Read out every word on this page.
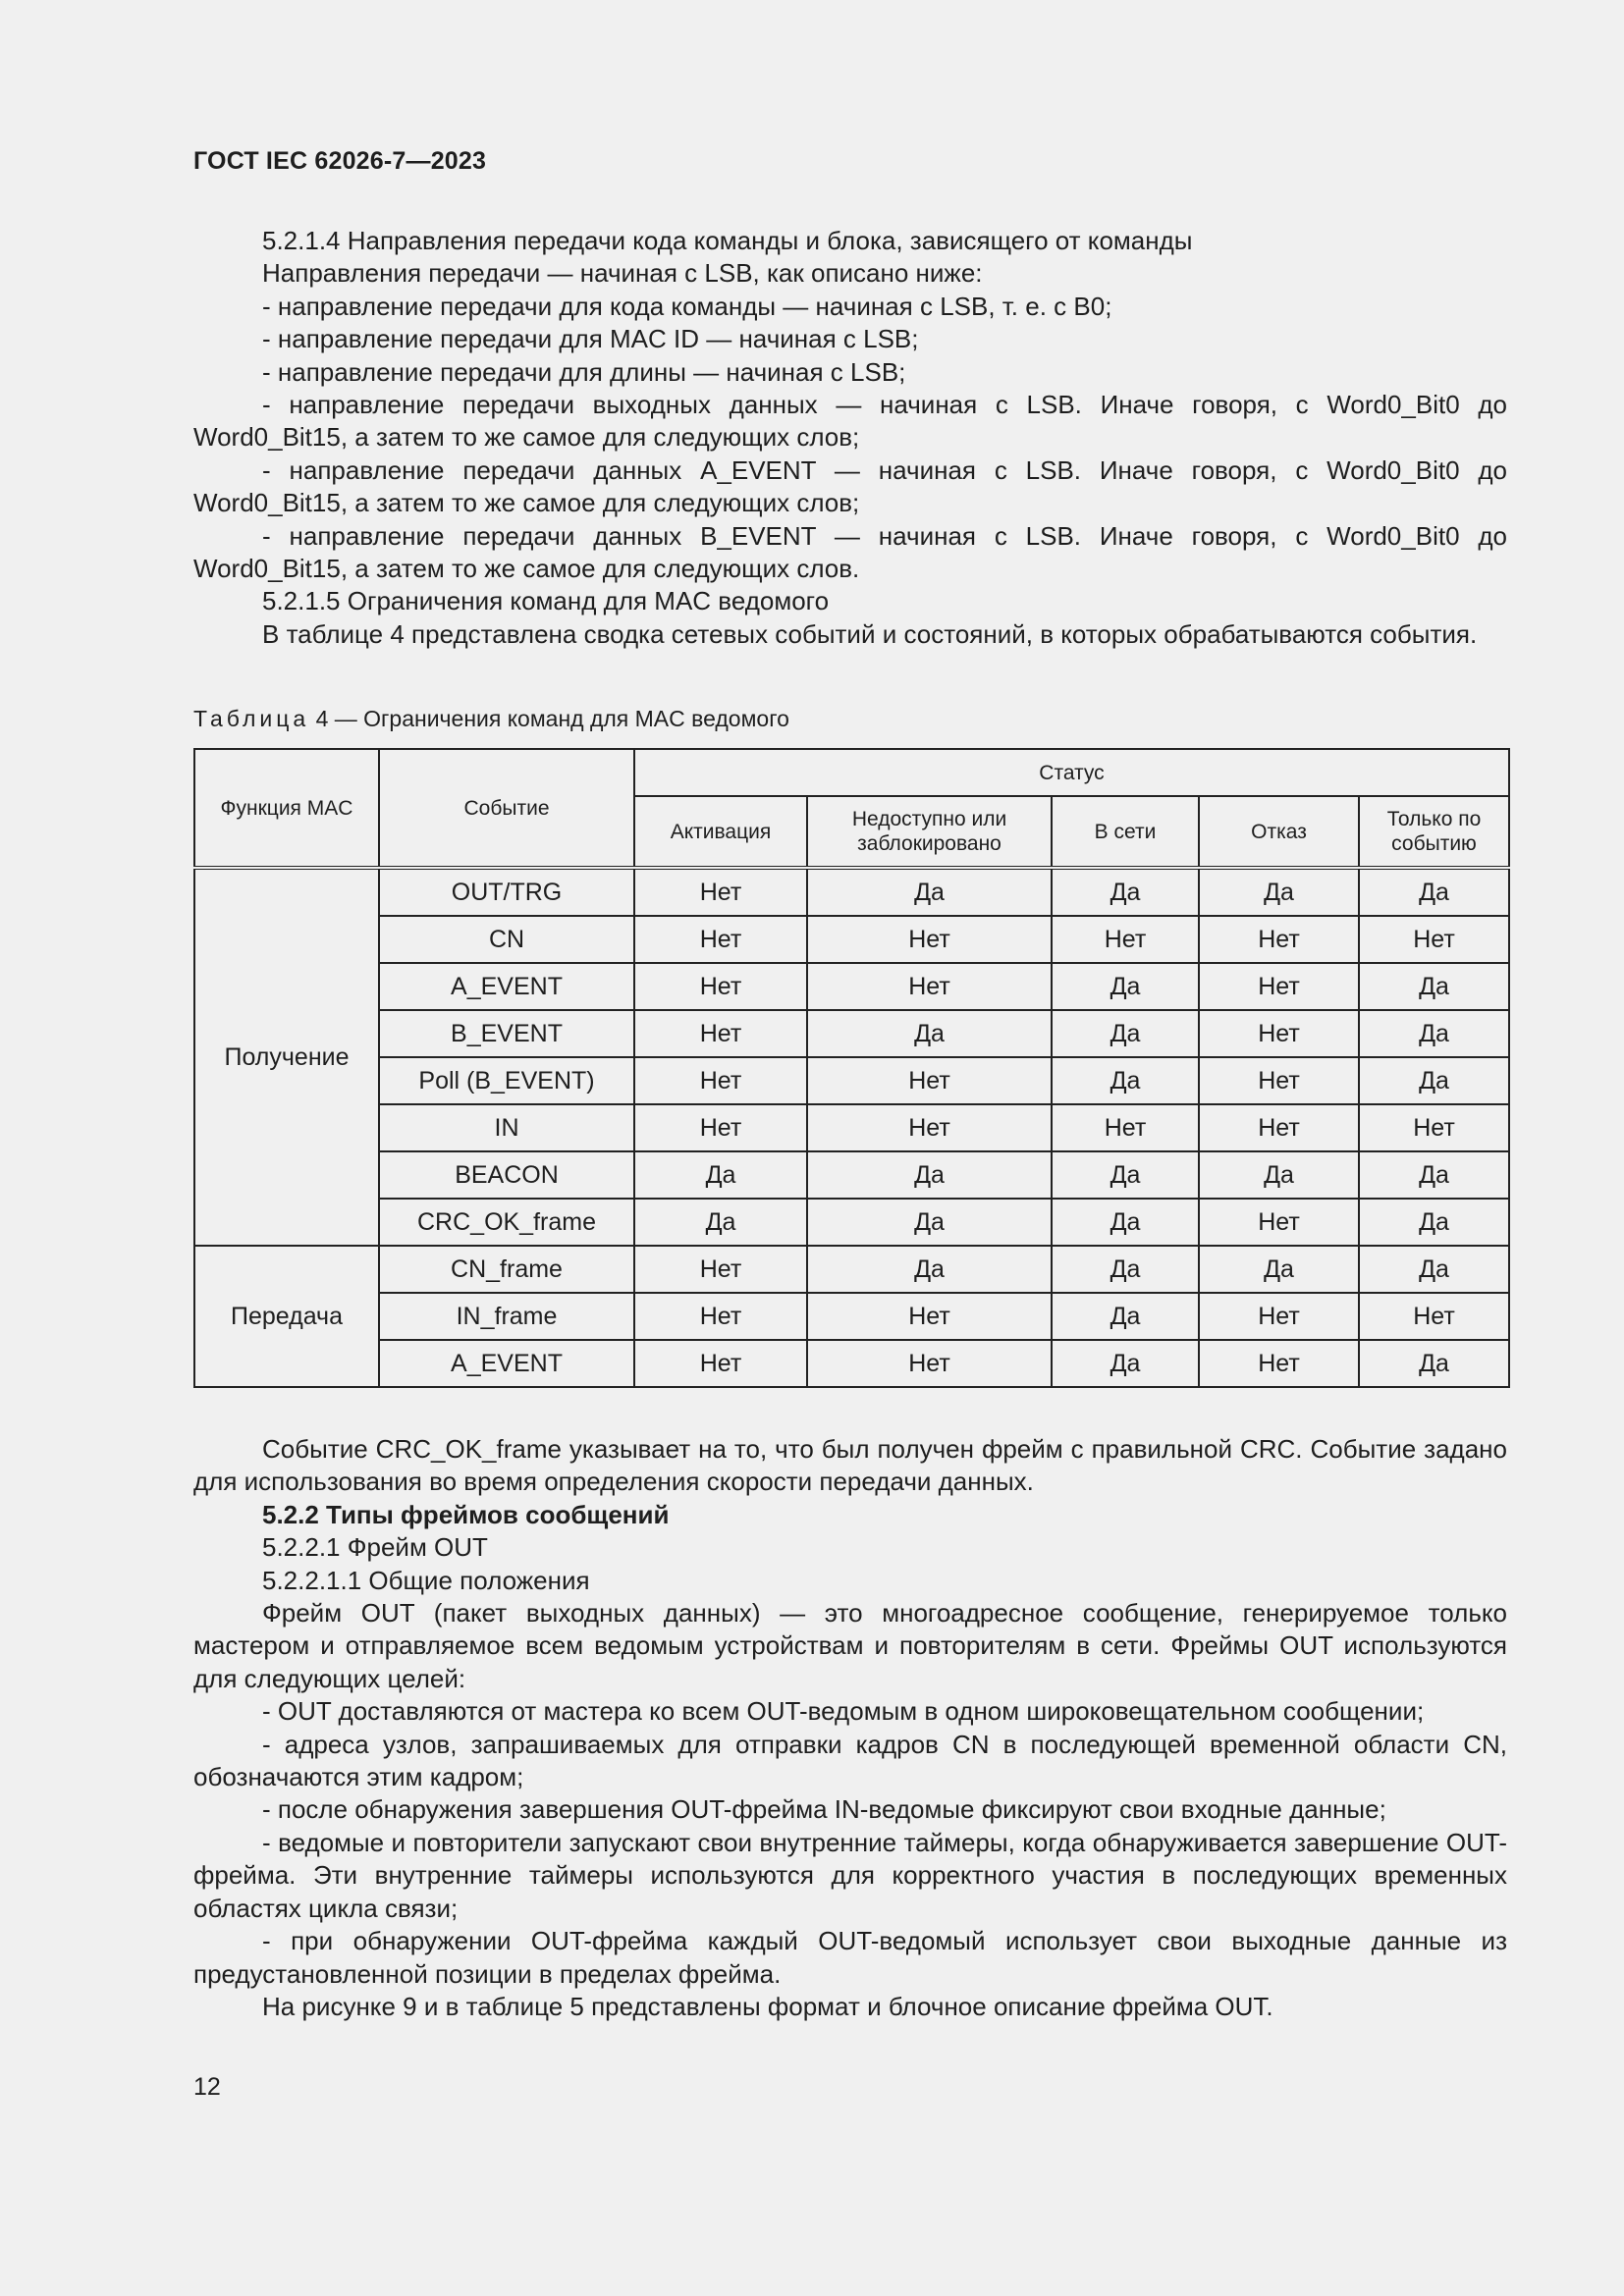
ГОСТ IEC 62026-7—2023

5.2.1.4 Направления передачи кода команды и блока, зависящего от команды

Направления передачи — начиная с LSB, как описано ниже:

- направление передачи для кода команды — начиная с LSB, т. е. с B0;

- направление передачи для MAC ID — начиная с LSB;

- направление передачи для длины — начиная с LSB;

- направление передачи выходных данных — начиная с LSB. Иначе говоря, с Word0_Bit0 до Word0_Bit15, а затем то же самое для следующих слов;

- направление передачи данных A_EVENT — начиная с LSB. Иначе говоря, с Word0_Bit0 до Word0_Bit15, а затем то же самое для следующих слов;

- направление передачи данных B_EVENT — начиная с LSB. Иначе говоря, с Word0_Bit0 до Word0_Bit15, а затем то же самое для следующих слов.

5.2.1.5 Ограничения команд для MAC ведомого

В таблице 4 представлена сводка сетевых событий и состояний, в которых обрабатываются события.

Таблица 4 — Ограничения команд для MAC ведомого
Функция MAC	Событие	Статус				
		Активация	Недоступно или заблокировано	В сети	Отказ	Только по событию
Получение	OUT/TRG	Нет	Да	Да	Да	Да
	CN	Нет	Нет	Нет	Нет	Нет
	A_EVENT	Нет	Нет	Да	Нет	Да
	B_EVENT	Нет	Да	Да	Нет	Да
	Poll (B_EVENT)	Нет	Нет	Да	Нет	Да
	IN	Нет	Нет	Нет	Нет	Нет
	BEACON	Да	Да	Да	Да	Да
	CRC_OK_frame	Да	Да	Да	Нет	Да
Передача	CN_frame	Нет	Да	Да	Да	Да
	IN_frame	Нет	Нет	Да	Нет	Нет
	A_EVENT	Нет	Нет	Да	Нет	Да

Событие CRC_OK_frame указывает на то, что был получен фрейм с правильной CRC. Событие задано для использования во время определения скорости передачи данных.

5.2.2 Типы фреймов сообщений

5.2.2.1 Фрейм OUT

5.2.2.1.1 Общие положения

Фрейм OUT (пакет выходных данных) — это многоадресное сообщение, генерируемое только мастером и отправляемое всем ведомым устройствам и повторителям в сети. Фреймы OUT используются для следующих целей:

- OUT доставляются от мастера ко всем OUT-ведомым в одном широковещательном сообщении;

- адреса узлов, запрашиваемых для отправки кадров CN в последующей временной области CN, обозначаются этим кадром;

- после обнаружения завершения OUT-фрейма IN-ведомые фиксируют свои входные данные;

- ведомые и повторители запускают свои внутренние таймеры, когда обнаруживается завершение OUT-фрейма. Эти внутренние таймеры используются для корректного участия в последующих временных областях цикла связи;

- при обнаружении OUT-фрейма каждый OUT-ведомый использует свои выходные данные из предустановленной позиции в пределах фрейма.

На рисунке 9 и в таблице 5 представлены формат и блочное описание фрейма OUT.

12
